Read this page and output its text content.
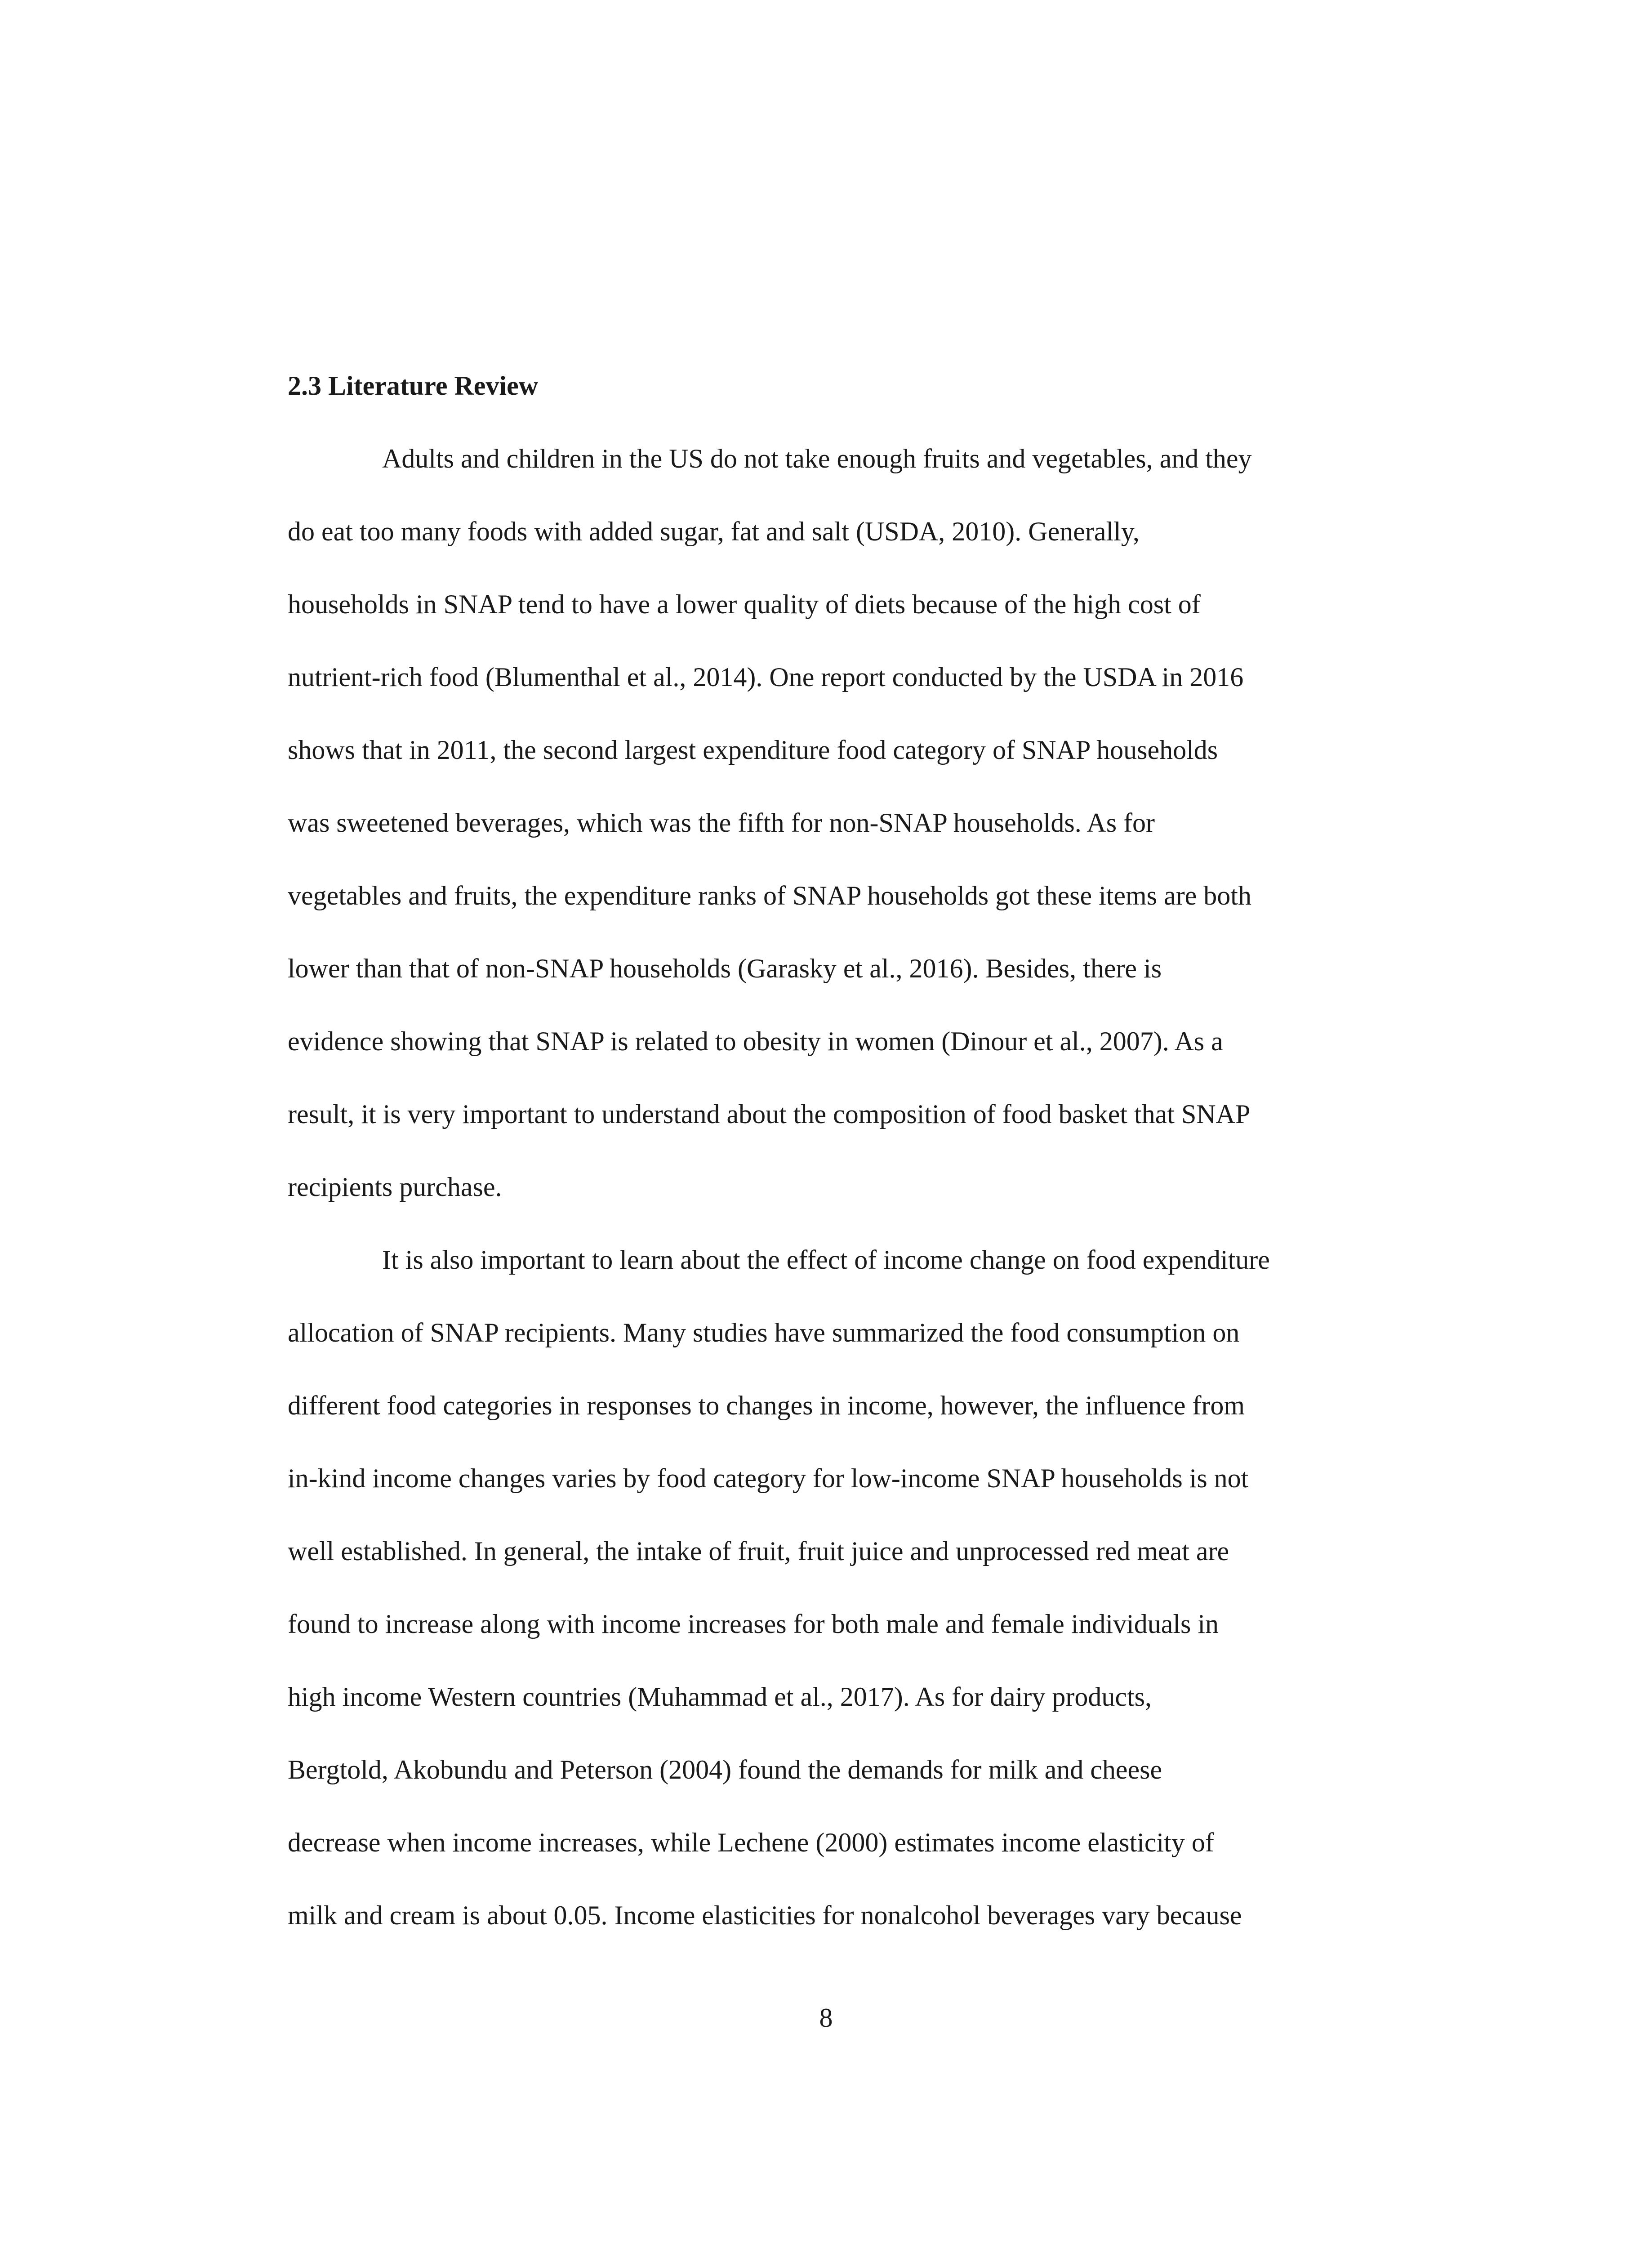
2.3 Literature Review
Adults and children in the US do not take enough fruits and vegetables, and they
do eat too many foods with added sugar, fat and salt (USDA, 2010). Generally,
households in SNAP tend to have a lower quality of diets because of the high cost of
nutrient-rich food (Blumenthal et al., 2014). One report conducted by the USDA in 2016
shows that in 2011, the second largest expenditure food category of SNAP households
was sweetened beverages, which was the fifth for non-SNAP households. As for
vegetables and fruits, the expenditure ranks of SNAP households got these items are both
lower than that of non-SNAP households (Garasky et al., 2016). Besides, there is
evidence showing that SNAP is related to obesity in women (Dinour et al., 2007). As a
result, it is very important to understand about the composition of food basket that SNAP
recipients purchase.
It is also important to learn about the effect of income change on food expenditure
allocation of SNAP recipients. Many studies have summarized the food consumption on
different food categories in responses to changes in income, however, the influence from
in-kind income changes varies by food category for low-income SNAP households is not
well established. In general, the intake of fruit, fruit juice and unprocessed red meat are
found to increase along with income increases for both male and female individuals in
high income Western countries (Muhammad et al., 2017). As for dairy products,
Bergtold, Akobundu and Peterson (2004) found the demands for milk and cheese
decrease when income increases, while Lechene (2000) estimates income elasticity of
milk and cream is about 0.05. Income elasticities for nonalcohol beverages vary because
8
